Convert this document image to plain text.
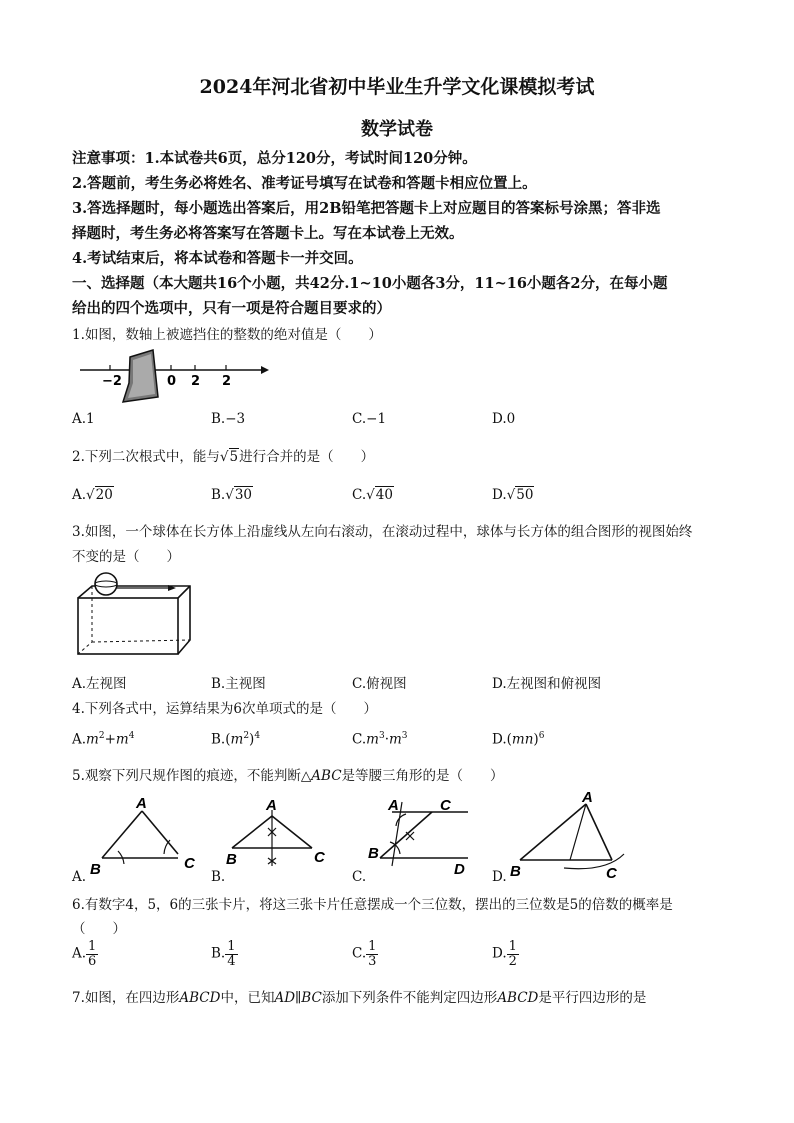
2024年河北省初中毕业生升学文化课模拟考试
数学试卷
注意事项：1.本试卷共6页，总分120分，考试时间120分钟。
2.答题前，考生务必将姓名、准考证号填写在试卷和答题卡相应位置上。
3.答选择题时，每小题选出答案后，用2B铅笔把答题卡上对应题目的答案标号涂黑；答非选
择题时，考生务必将答案写在答题卡上。写在本试卷上无效。
4.考试结束后，将本试卷和答题卡一并交回。
一、选择题（本大题共16个小题，共42分.1~10小题各3分，11~16小题各2分，在每小题
给出的四个选项中，只有一项是符合题目要求的）
1.如图，数轴上被遮挡住的整数的绝对值是（　　）
−2	0 2 2
A.1	B.−3	C.−1	D.0
2.下列二次根式中，能与√5进行合并的是（　　）
A.√20	B.√30	C.√40	D.√50
3.如图，一个球体在长方体上沿虚线从左向右滚动，在滚动过程中，球体与长方体的组合图形的视图始终
不变的是（　　）
A.左视图	B.主视图	C.俯视图	D.左视图和俯视图
4.下列各式中，运算结果为6次单项式的是（　　）
$A.m^2+m^4$	$B.(m^2)^4$	$C.m^3\cdot m^3$	D.(mn)$^6$
5.观察下列尺规作图的痕迹，不能判断△ABC是等腰三角形的是（　　）
A
B	C
A
B	C
A	C
B
D
A
B	C
A.	B.	C.	D.
6.有数字4，5，6的三张卡片，将这三张卡片任意摆成一个三位数，摆出的三位数是5的倍数的概率是
（　　）
A. $\frac{1}{6}$	B. $\frac{1}{4}$	C. $\frac{1}{3}$	D. $\frac{1}{2}$
7.如图，在四边形ABCD中，已知AD∥BC添加下列条件不能判定四边形ABCD是平行四边形的是
